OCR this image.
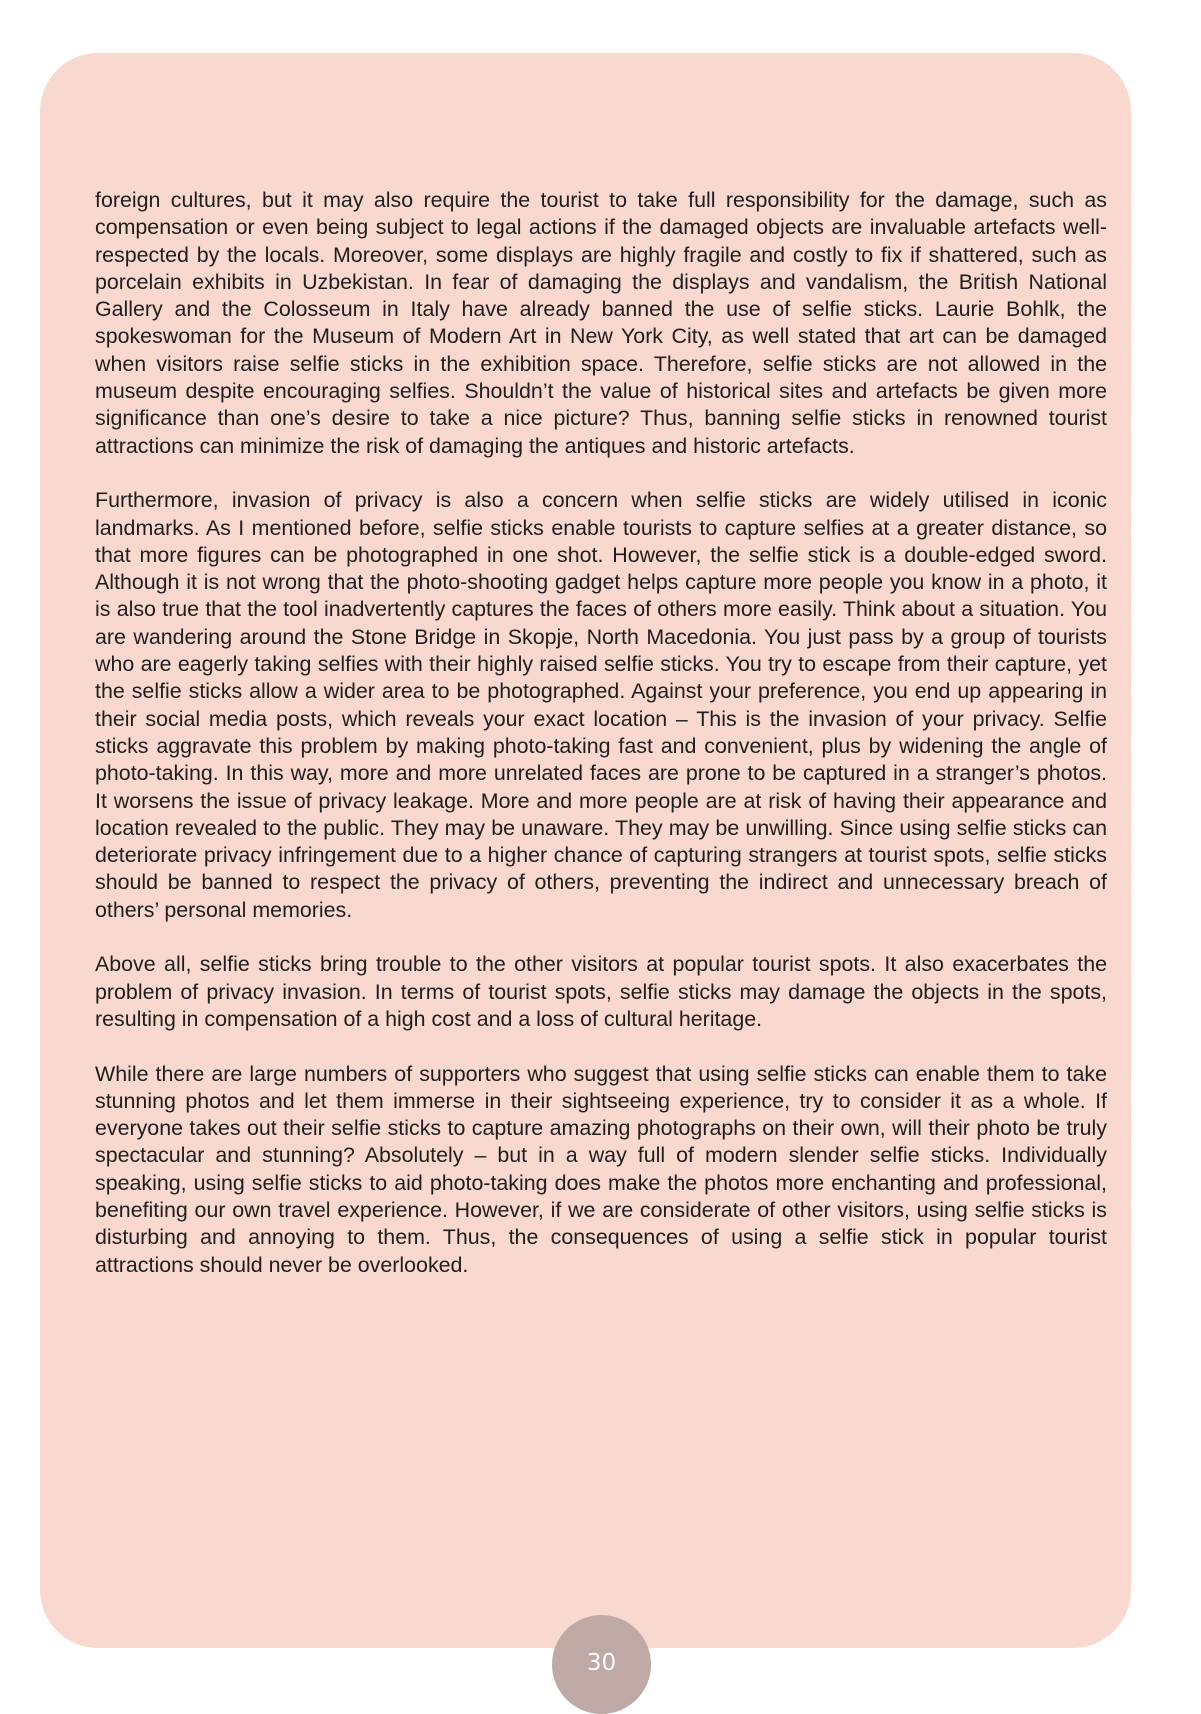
foreign cultures, but it may also require the tourist to take full responsibility for the damage, such as compensation or even being subject to legal actions if the damaged objects are invaluable artefacts well-respected by the locals. Moreover, some displays are highly fragile and costly to fix if shattered, such as porcelain exhibits in Uzbekistan. In fear of damaging the displays and vandalism, the British National Gallery and the Colosseum in Italy have already banned the use of selfie sticks. Laurie Bohlk, the spokeswoman for the Museum of Modern Art in New York City, as well stated that art can be damaged when visitors raise selfie sticks in the exhibition space. Therefore, selfie sticks are not allowed in the museum despite encouraging selfies. Shouldn’t the value of historical sites and artefacts be given more significance than one’s desire to take a nice picture? Thus, banning selfie sticks in renowned tourist attractions can minimize the risk of damaging the antiques and historic artefacts.

Furthermore, invasion of privacy is also a concern when selfie sticks are widely utilised in iconic landmarks. As I mentioned before, selfie sticks enable tourists to capture selfies at a greater distance, so that more figures can be photographed in one shot. However, the selfie stick is a double-edged sword. Although it is not wrong that the photo-shooting gadget helps capture more people you know in a photo, it is also true that the tool inadvertently captures the faces of others more easily. Think about a situation. You are wandering around the Stone Bridge in Skopje, North Macedonia. You just pass by a group of tourists who are eagerly taking selfies with their highly raised selfie sticks. You try to escape from their capture, yet the selfie sticks allow a wider area to be photographed. Against your preference, you end up appearing in their social media posts, which reveals your exact location – This is the invasion of your privacy. Selfie sticks aggravate this problem by making photo-taking fast and convenient, plus by widening the angle of photo-taking. In this way, more and more unrelated faces are prone to be captured in a stranger’s photos. It worsens the issue of privacy leakage. More and more people are at risk of having their appearance and location revealed to the public. They may be unaware. They may be unwilling. Since using selfie sticks can deteriorate privacy infringement due to a higher chance of capturing strangers at tourist spots, selfie sticks should be banned to respect the privacy of others, preventing the indirect and unnecessary breach of others’ personal memories.

Above all, selfie sticks bring trouble to the other visitors at popular tourist spots. It also exacerbates the problem of privacy invasion. In terms of tourist spots, selfie sticks may damage the objects in the spots, resulting in compensation of a high cost and a loss of cultural heritage.

While there are large numbers of supporters who suggest that using selfie sticks can enable them to take stunning photos and let them immerse in their sightseeing experience, try to consider it as a whole. If everyone takes out their selfie sticks to capture amazing photographs on their own, will their photo be truly spectacular and stunning? Absolutely – but in a way full of modern slender selfie sticks. Individually speaking, using selfie sticks to aid photo-taking does make the photos more enchanting and professional, benefiting our own travel experience. However, if we are considerate of other visitors, using selfie sticks is disturbing and annoying to them. Thus, the consequences of using a selfie stick in popular tourist attractions should never be overlooked.

30
